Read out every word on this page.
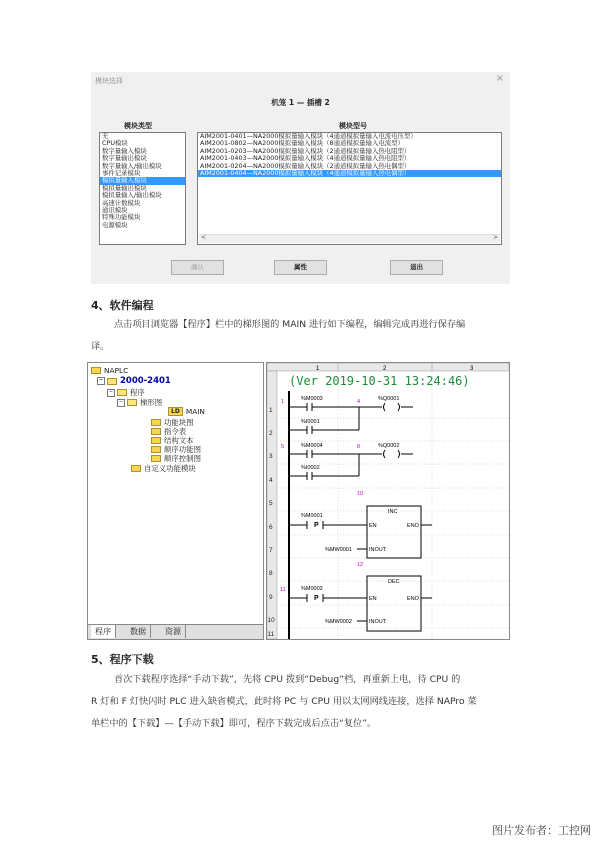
模块选择	×
机笼 1 — 插槽 2
模块类型	模块型号
无
CPU模块
数字量输入模块
数字量输出模块
数字量输入/输出模块
事件记录模块
模拟量输入模块
模拟量输出模块
模拟量输入/输出模块
高速计数模块
通讯模块
特殊功能模块
电源模块
AIM2001-0401—NA2000模拟量输入模块（4通道模拟量输入电流电压型）
AIM2001-0802—NA2000模拟量输入模块（8通道模拟量输入电流型）
AIM2001-0203—NA2000模拟量输入模块（2通道模拟量输入热电阻型）
AIM2001-0403—NA2000模拟量输入模块（4通道模拟量输入热电阻型）
AIM2001-0204—NA2000模拟量输入模块（2通道模拟量输入热电偶型）
AIM2001-0404—NA2000模拟量输入模块（4通道模拟量输入热电偶型）
<	>
确认	属性	退出
4、软件编程
点击项目浏览器【程序】栏中的梯形图的 MAIN 进行如下编程，编辑完成再进行保存编
译。
NAPLC
− 2000-2401
− 程序
− 梯形图
LD MAIN
功能块图
指令表
结构文本
顺序功能图
顺序控制图
自定义功能模块
程序	数据	资源
1	2	3
1
2
3
4
5
6
7
8
9
10
11
1	4
5	8
10
12
11
%M0003
%I0001
%Q0001
%M0004
%I0002
%Q0002
%M0001
P
INC
EN	ENO
INOUT
%MW0001
%M0002
P
DEC
EN	ENO
INOUT
%MW0002
(Ver 2019-10-31 13:24:46)
5、程序下载
首次下载程序选择“手动下载”，先将 CPU 拨到“Debug”档，再重新上电，待 CPU 的
R 灯和 F 灯快闪时 PLC 进入缺省模式，此时将 PC 与 CPU 用以太网网线连接，选择 NAPro 菜
单栏中的【下载】—【手动下载】即可，程序下载完成后点击“复位”。
图片发布者：工控网
